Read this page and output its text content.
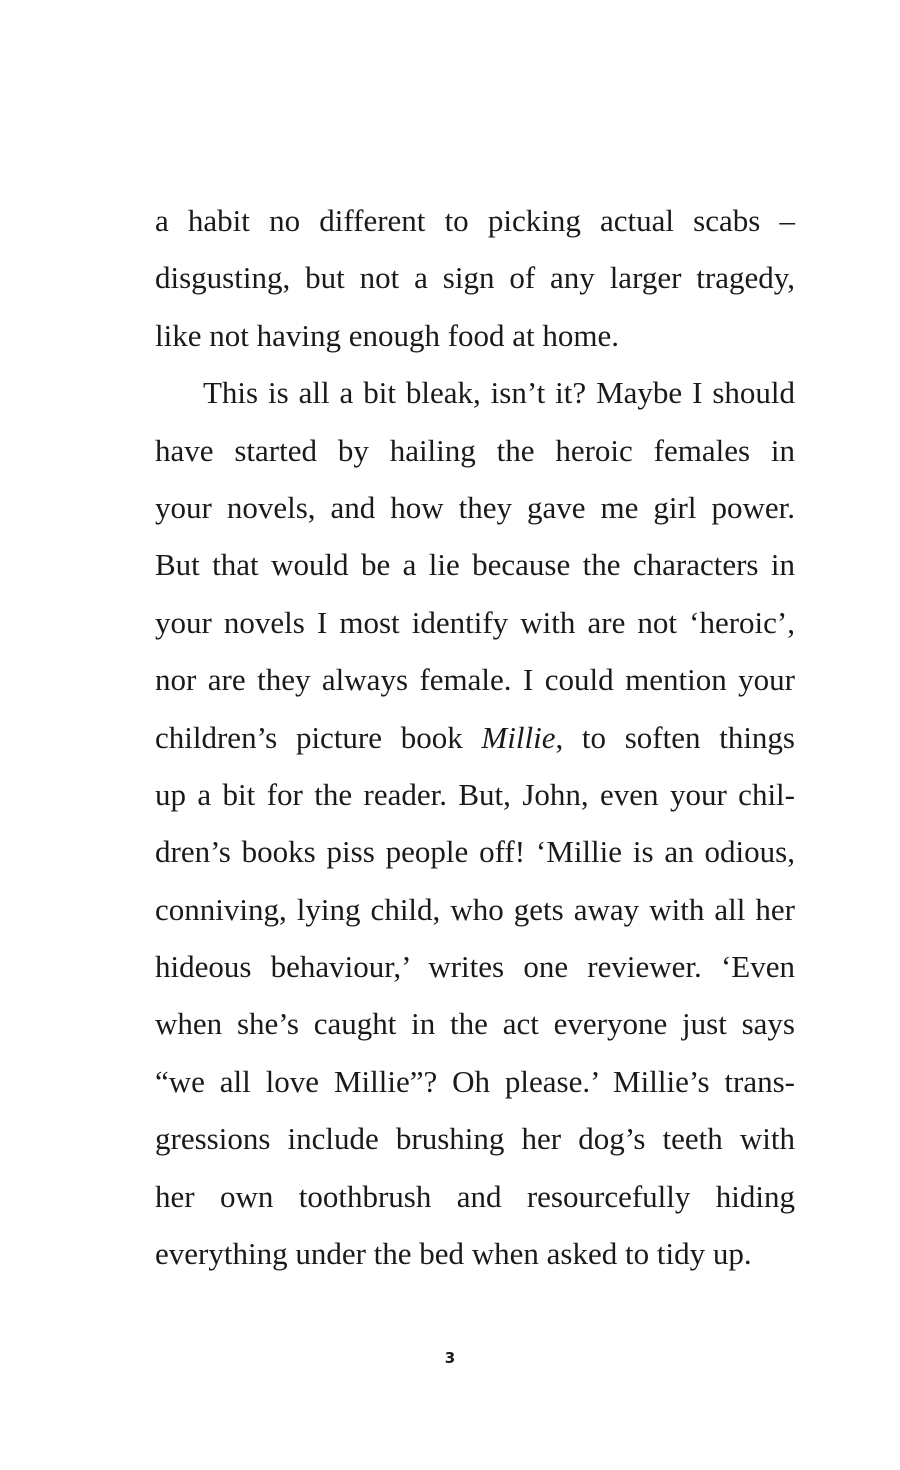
a habit no different to picking actual scabs –
disgusting, but not a sign of any larger tragedy,
like not having enough food at home.
This is all a bit bleak, isn’t it? Maybe I should
have started by hailing the heroic females in
your novels, and how they gave me girl power.
But that would be a lie because the characters in
your novels I most identify with are not ‘heroic’,
nor are they always female. I could mention your
children’s picture book Millie, to soften things
up a bit for the reader. But, John, even your chil-
dren’s books piss people off! ‘Millie is an odious,
conniving, lying child, who gets away with all her
hideous behaviour,’ writes one reviewer. ‘Even
when she’s caught in the act everyone just says
“we all love Millie”? Oh please.’ Millie’s trans-
gressions include brushing her dog’s teeth with
her own toothbrush and resourcefully hiding
everything under the bed when asked to tidy up.
3
